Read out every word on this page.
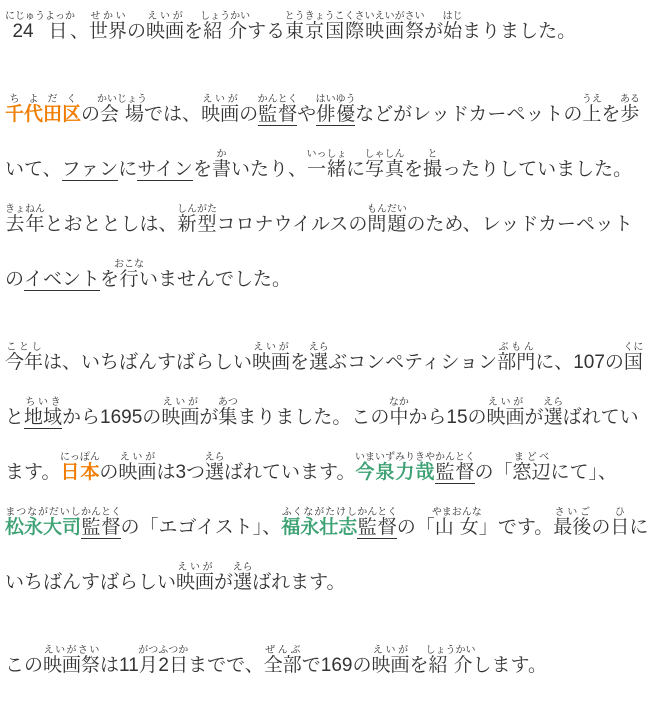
24日にじゅうよっか、世界せかいの映画えいがを紹介しょうかいする東京国際映画祭とうきょうこくさいえいがさいが始はじまりました。

千代田区ちよだくの会場かいじょうでは、映画えいがの監督かんとくや俳優はいゆうなどがレッドカーペットの上うえを歩あるいて、ファンにサインを書かいたり、一緒いっしょに写真しゃしんを撮とったりしていました。去年きょねんとおととしは、新型しんがたコロナウイルスの問題もんだいのため、レッドカーペットのイベントを行おこないませんでした。

今年ことしは、いちばんすばらしい映画えいがを選えらぶコンペティション部門ぶもんに、107の国くにと地域ちいきから1695の映画えいがが集あつまりました。この中なかから15の映画えいがが選えらばれています。日本にっぽんの映画えいがは3つ選えらばれています。今泉力哉いまいずみりきや監督かんとくの「窓辺まどべにて」、松永大司まつながだいし監督かんとくの「エゴイスト」、福永壮志ふくながたけし監督かんとくの「山女やまおんな」です。最後さいごの日ひにいちばんすばらしい映画えいがが選えらばれます。

この映画祭えいがさいは11月がつ2日ふつかまでで、全部ぜんぶで169の映画えいがを紹介しょうかいします。
